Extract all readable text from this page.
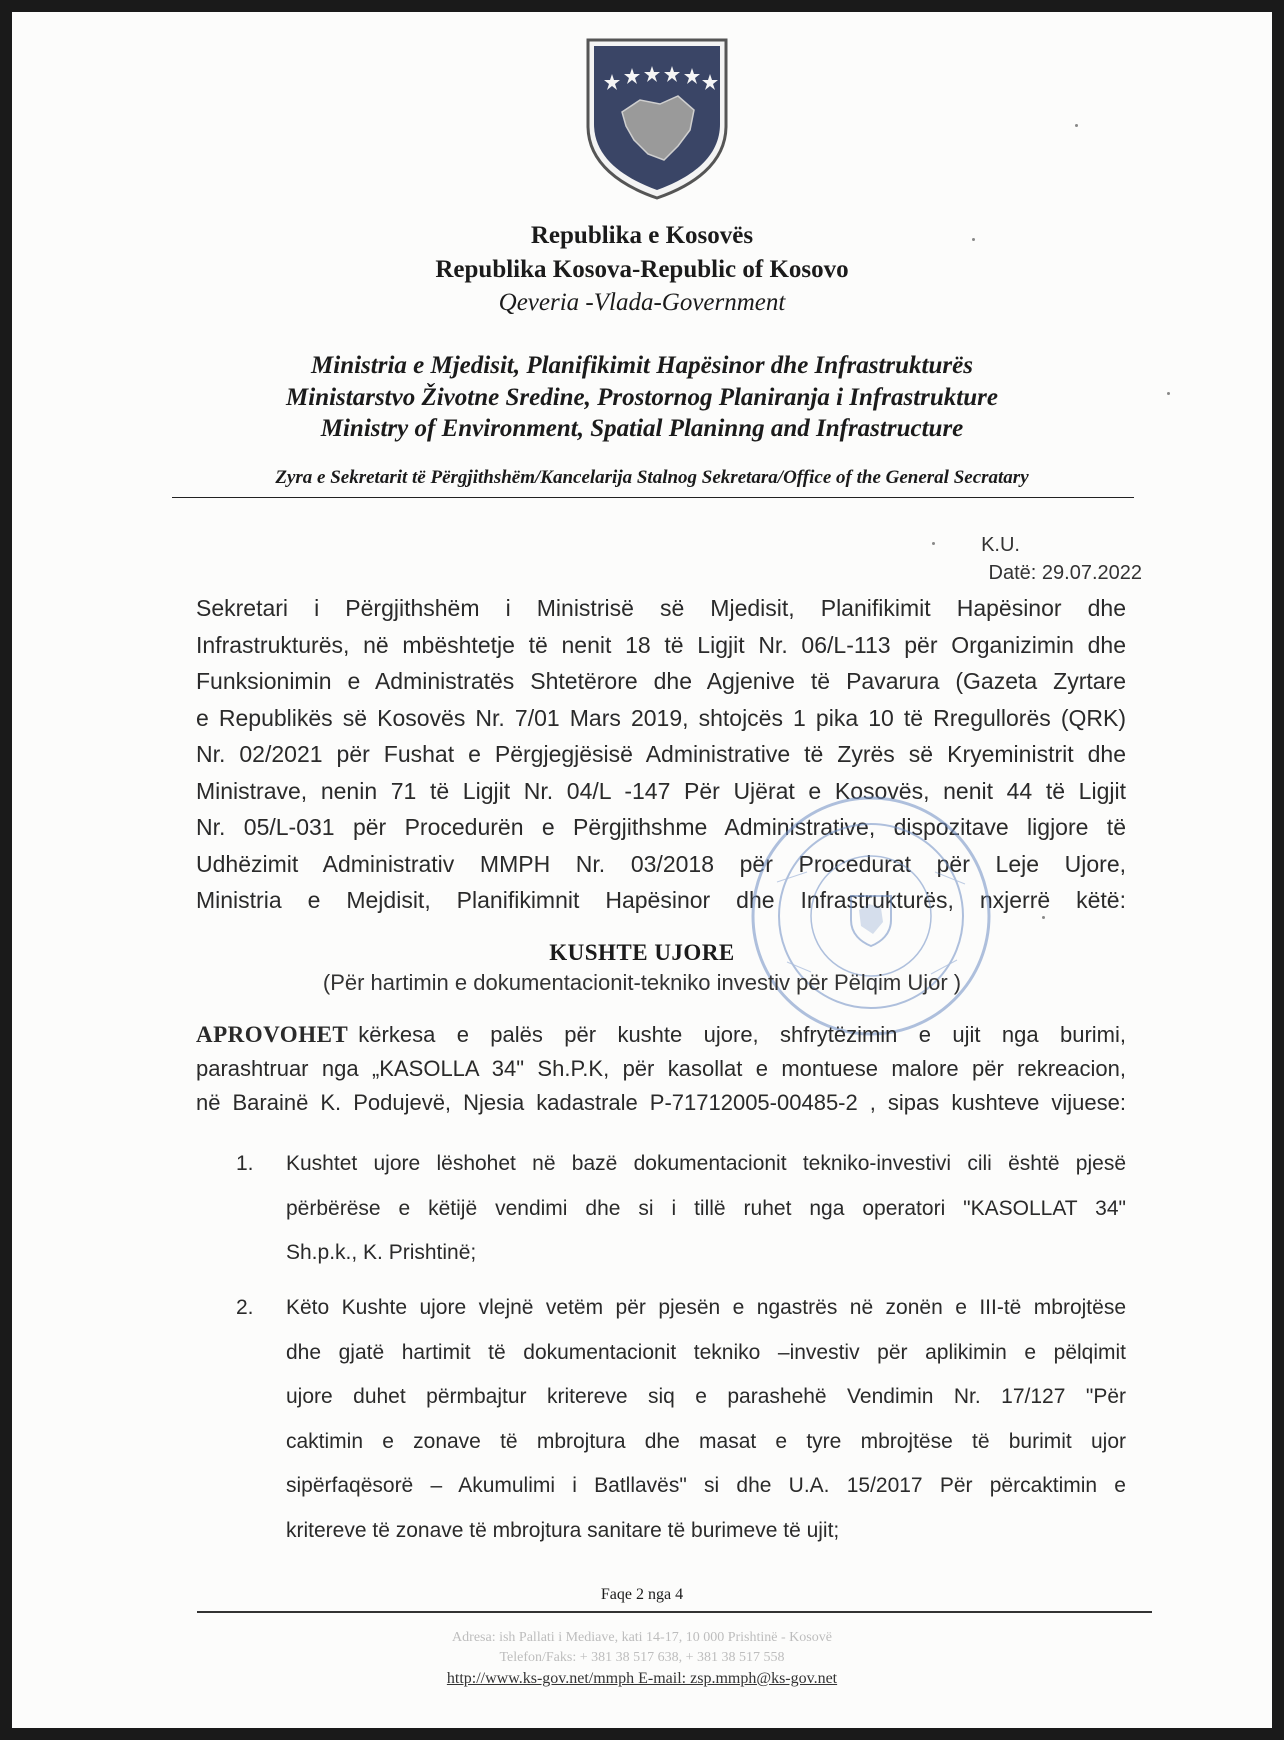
Republika e Kosovës
Republika Kosova-Republic of Kosovo
Qeveria -Vlada-Government
Ministria e Mjedisit, Planifikimit Hapësinor dhe Infrastrukturës
Ministarstvo Životne Sredine, Prostornog Planiranja i Infrastrukture
Ministry of Environment, Spatial Planinng and Infrastructure
Zyra e Sekretarit të Përgjithshëm/Kancelarija Stalnog Sekretara/Office of the General Secratary
K.U.
Datë: 29.07.2022
Sekretari i Përgjithshëm i Ministrisë së Mjedisit, Planifikimit Hapësinor dhe
Infrastrukturës, në mbështetje të nenit 18 të Ligjit Nr. 06/L-113 për Organizimin dhe
Funksionimin e Administratës Shtetërore dhe Agjenive të Pavarura (Gazeta Zyrtare
e Republikës së Kosovës Nr. 7/01 Mars 2019, shtojcës 1 pika 10 të Rregullorës (QRK)
Nr. 02/2021 për Fushat e Përgjegjësisë Administrative të Zyrës së Kryeministrit dhe
Ministrave, nenin 71 të Ligjit Nr. 04/L -147 Për Ujërat e Kosovës, nenit 44 të Ligjit
Nr. 05/L-031 për Procedurën e Përgjithshme Administrative, dispozitave ligjore të
Udhëzimit Administrativ MMPH Nr. 03/2018 për Procedurat për Leje Ujore,
Ministria e Mejdisit, Planifikimnit Hapësinor dhe Infrastrukturës, nxjerrë këtë:
KUSHTE UJORE
(Për hartimin e dokumentacionit-tekniko investiv për Pëlqim Ujor )
APROVOHET kërkesa e palës për kushte ujore, shfrytëzimin e ujit nga burimi,
parashtruar nga „KASOLLA 34" Sh.P.K, për kasollat e montuese malore për rekreacion,
në Barainë K. Podujevë, Njesia kadastrale P-71712005-00485-2 , sipas kushteve vijuese:
1. Kushtet ujore lëshohet në bazë dokumentacionit tekniko-investivi cili është pjesë
përbërëse e këtijë vendimi dhe si i tillë ruhet nga operatori "KASOLLAT 34"
Sh.p.k., K. Prishtinë;
2. Këto Kushte ujore vlejnë vetëm për pjesën e ngastrës në zonën e III-të mbrojtëse
dhe gjatë hartimit të dokumentacionit tekniko –investiv për aplikimin e pëlqimit
ujore duhet përmbajtur kritereve siq e parashehë Vendimin Nr. 17/127 "Për
caktimin e zonave të mbrojtura dhe masat e tyre mbrojtëse të burimit ujor
sipërfaqësorë – Akumulimi i Batllavës" si dhe U.A. 15/2017 Për përcaktimin e
kritereve të zonave të mbrojtura sanitare të burimeve të ujit;
Faqe 2 nga 4
Adresa: ish Pallati i Mediave, kati 14-17, 10 000 Prishtinë - Kosovë
Telefon/Faks: + 381 38 517 638, + 381 38 517 558
http://www.ks-gov.net/mmph E-mail: zsp.mmph@ks-gov.net
